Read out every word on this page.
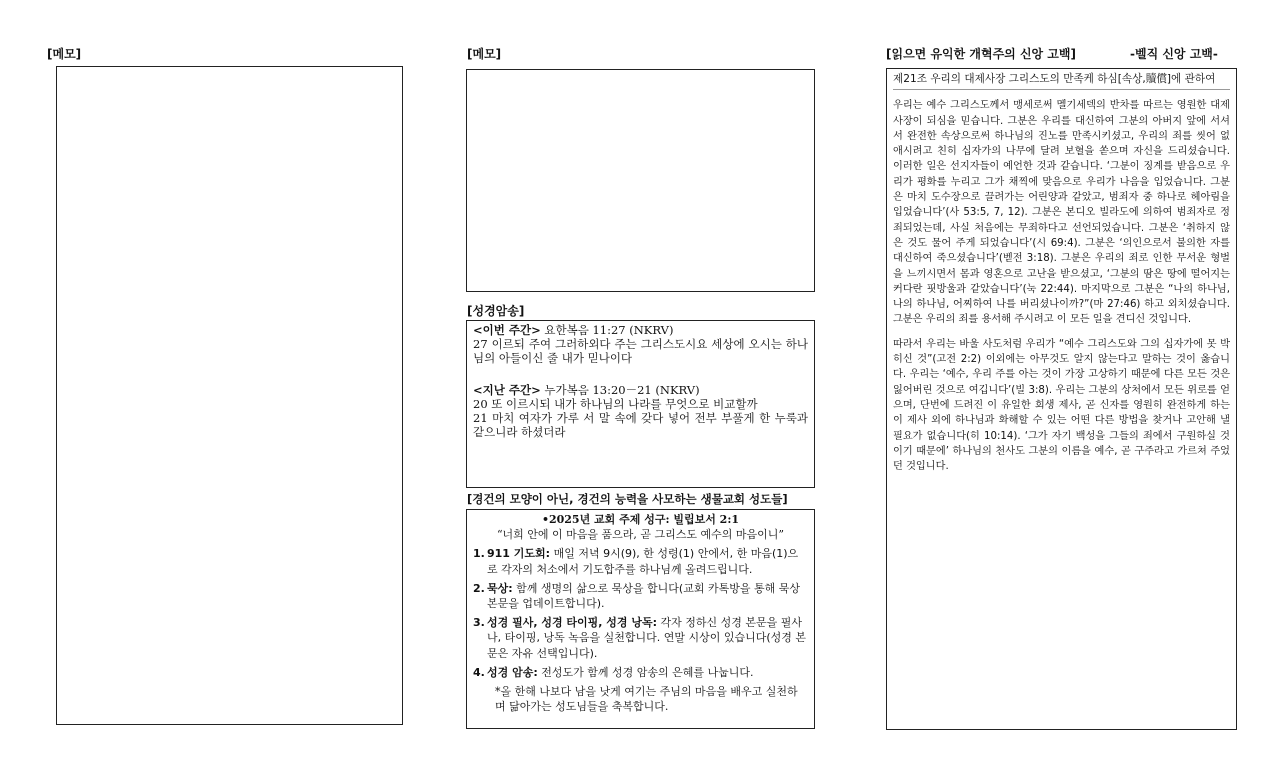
[메모]	[메모]
[성경암송]

<이번 주간> 요한복음 11:27 (NKRV)

27 이르되 주여 그러하외다 주는 그리스도시요 세상에 오시는 하나님의 아들이신 줄 내가 믿나이다

<지난 주간> 누가복음 13:20－21 (NKRV)

20 또 이르시되 내가 하나님의 나라를 무엇으로 비교할까

21 마치 여자가 가루 서 말 속에 갖다 넣어 전부 부풀게 한 누룩과 같으니라 하셨더라

[경건의 모양이 아닌, 경건의 능력을 사모하는 생물교회 성도들]
•2025년 교회 주제 성구: 빌립보서 2:1
“너희 안에 이 마음을 품으라, 곧 그리스도 예수의 마음이니”
1. 911 기도회: 매일 저녁 9시(9), 한 성령(1) 안에서, 한 마음(1)으로 각자의 처소에서 기도합주를 하나님께 올려드립니다.
2. 묵상: 함께 생명의 삶으로 묵상을 합니다(교회 카톡방을 통해 묵상 본문을 업데이트합니다).
3. 성경 필사, 성경 타이핑, 성경 낭독: 각자 정하신 성경 본문을 필사나, 타이핑, 낭독 녹음을 실천합니다. 연말 시상이 있습니다(성경 본문은 자유 선택입니다).
4. 성경 암송: 전성도가 함께 성경 암송의 은혜를 나눕니다.
*올 한해 나보다 남을 낫게 여기는 주님의 마음을 배우고 실천하며 닮아가는 성도님들을 축복합니다.
[읽으면 유익한 개혁주의 신앙 고백]	-벨직 신앙 고백-
제21조 우리의 대제사장 그리스도의 만족케 하심[속상,贖償]에 관하여

우리는 예수 그리스도께서 맹세로써 멜기세덱의 반차를 따르는 영원한 대제사장이 되심을 믿습니다. 그분은 우리를 대신하여 그분의 아버지 앞에 서셔서 완전한 속상으로써 하나님의 진노를 만족시키셨고, 우리의 죄를 씻어 없애시려고 친히 십자가의 나무에 달려 보혈을 쏟으며 자신을 드리셨습니다. 이러한 일은 선지자들이 예언한 것과 같습니다. ‘그분이 징계를 받음으로 우리가 평화를 누리고 그가 채찍에 맞음으로 우리가 나음을 입었습니다. 그분은 마치 도수장으로 끌려가는 어린양과 같았고, 범죄자 중 하나로 헤아림을 입었습니다’(사 53:5, 7, 12). 그분은 본디오 빌라도에 의하여 범죄자로 정죄되었는데, 사실 처음에는 무죄하다고 선언되었습니다. 그분은 ‘취하지 않은 것도 물어 주게 되었습니다’(시 69:4). 그분은 ‘의인으로서 불의한 자를 대신하여 죽으셨습니다’(벧전 3:18). 그분은 우리의 죄로 인한 무서운 형벌을 느끼시면서 몸과 영혼으로 고난을 받으셨고, ‘그분의 땀은 땅에 떨어지는 커다란 핏방울과 같았습니다’(눅 22:44). 마지막으로 그분은 “나의 하나님, 나의 하나님, 어찌하여 나를 버리셨나이까?”(마 27:46) 하고 외치셨습니다. 그분은 우리의 죄를 용서해 주시려고 이 모든 일을 견디신 것입니다.

따라서 우리는 바울 사도처럼 우리가 “예수 그리스도와 그의 십자가에 못 박히신 것”(고전 2:2) 이외에는 아무것도 알지 않는다고 말하는 것이 옳습니다. 우리는 ‘예수, 우리 주를 아는 것이 가장 고상하기 때문에 다른 모든 것은 잃어버린 것으로 여깁니다’(빌 3:8). 우리는 그분의 상처에서 모든 위로를 얻으며, 단번에 드려진 이 유일한 희생 제사, 곧 신자를 영원히 완전하게 하는 이 제사 외에 하나님과 화해할 수 있는 어떤 다른 방법을 찾거나 고안해 낼 필요가 없습니다(히 10:14). ‘그가 자기 백성을 그들의 죄에서 구원하실 것이기 때문에’ 하나님의 천사도 그분의 이름을 예수, 곧 구주라고 가르쳐 주었던 것입니다.
